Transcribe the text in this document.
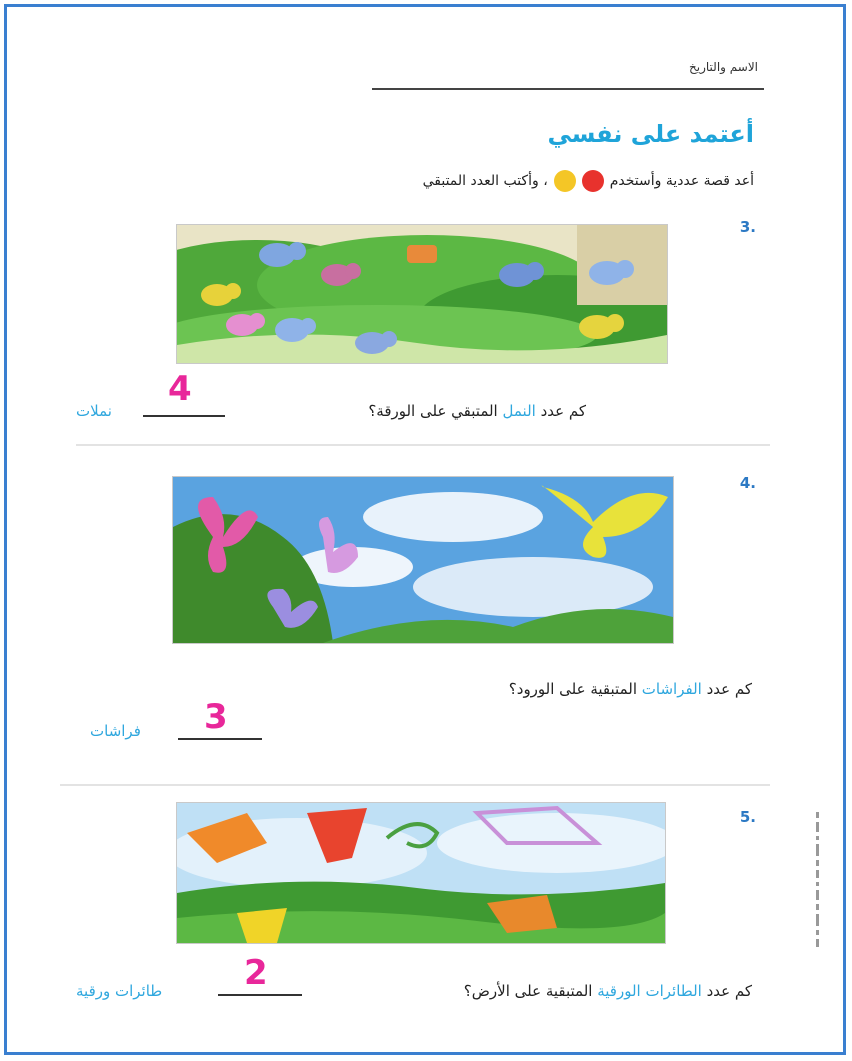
الاسم والتاريخ
أعتمد على نفسي
أعد قصة عددية وأستخدم
، وأكتب العدد المتبقي
3.
كم عدد النمل المتبقي على الورقة؟
4
نملات
4.
كم عدد الفراشات المتبقية على الورود؟
3
فراشات
5.
كم عدد الطائرات الورقية المتبقية على الأرض؟
2
طائرات ورقية
